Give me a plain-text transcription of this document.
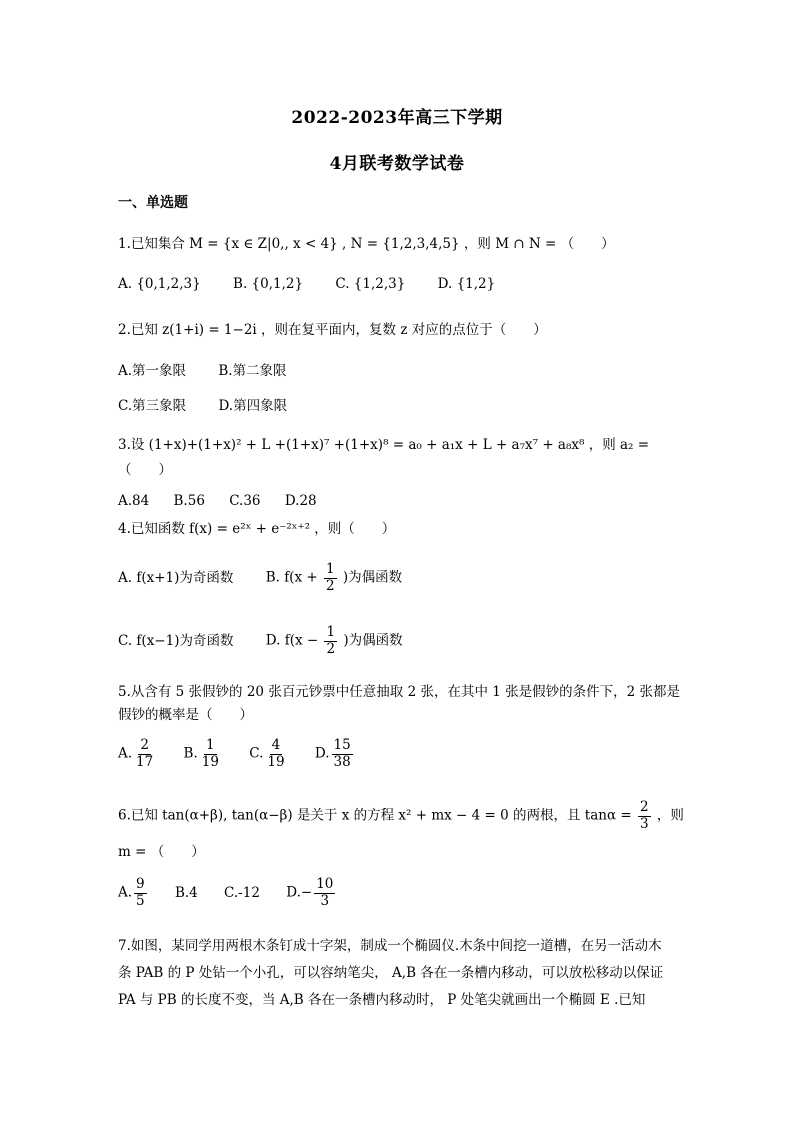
2022-2023年高三下学期
4月联考数学试卷
一、单选题
1.已知集合 M = {x ∈ Z|0,, x < 4} , N = {1,2,3,4,5} ，则 M ∩ N = （　　）
A. {0,1,2,3} B. {0,1,2} C. {1,2,3} D. {1,2}
2.已知 z(1+i) = 1−2i ，则在复平面内，复数 z 对应的点位于（　　）
A.第一象限 B.第二象限
C.第三象限 D.第四象限
3.设 (1+x)+(1+x)² + L +(1+x)⁷ +(1+x)⁸ = a₀ + a₁x + L + a₇x⁷ + a₈x⁸ ，则 a₂ =
（　　）
A.84 B.56 C.36 D.28
4.已知函数 f(x) = e²ˣ + e⁻²ˣ⁺² ，则（　　）
A. f(x+1)为奇函数 B. $f(x + \frac{1}{2}$ )为偶函数
C. f(x−1)为奇函数 D. $f(x - \frac{1}{2}$ )为偶函数
5.从含有 5 张假钞的 20 张百元钞票中任意抽取 2 张，在其中 1 张是假钞的条件下，2 张都是
假钞的概率是（　　）
A. $\frac{2}{17} B$. $\frac{1}{19} C$. $\frac{4}{19} D$. $\frac{15}{38}$
6.已知 tan(α+β), tan(α−β) 是关于 x 的方程 x² + mx − 4 = 0 的两根，且 $\tan\alpha = \frac{2}{3}$ ，则
m = （　　）
A. $\frac{9}{5} B.4$ C.-12 $D.- \frac{10}{3}$
7.如图，某同学用两根木条钉成十字架，制成一个椭圆仪.木条中间挖一道槽，在另一活动木
条 PAB 的 P 处钻一个小孔，可以容纳笔尖， A,B 各在一条槽内移动，可以放松移动以保证
PA 与 PB 的长度不变，当 A,B 各在一条槽内移动时， P 处笔尖就画出一个椭圆 E .已知
